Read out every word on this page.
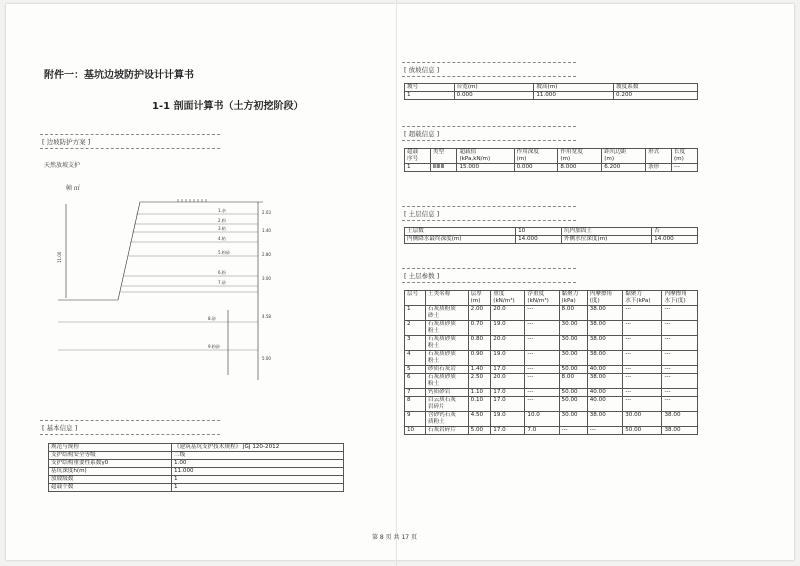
附件一：基坑边坡防护设计计算书
1-1 剖面计算书（土方初挖阶段）
[ 边坡防护方案 ]
天然放坡支护
帧 ㎡
11.00
1.杂
2.粉
3.粘
4.粘
5.粉砂
6.粉
7.砂
8.砂
9.粉砂
2.03
1.40
2.80
3.00
4.58
5.00
[ 基本信息 ]
规范与规程	《建筑基坑支护技术规程》 JGJ 120-2012
支护结构安全等级	二级
支护结构重要性系数γ0	1.00
基坑深度h(m)	11.000
放坡级数	1
超载个数	1
[ 放坡信息 ]
坡号	台宽(m)	坡高(m)	坡度系数
1	0.000	11.000	0.200
[ 超载信息 ]
超载
序号	类型	超载值
(kPa,kN/m)	作用深度
(m)	作用宽度
(m)	距坑边距
(m)	形式	长度
(m)
1	ⅢⅢⅢ	15.000	0.000	8.000	6.200	条形	---
[ 土层信息 ]
土层数	10	坑内加固土	否
内侧降水最终深度(m)	14.000	外侧水位深度(m)	14.000
[ 土层参数 ]
层号	土类名称	层厚
(m)	重度
(kN/m³)	浮重度
(kN/m³)	黏聚力
(kPa)	内摩擦角
(度)	黏聚力
水下(kPa)	内摩擦角
水下(度)
1	石灰质粉质
砂土	2.00	20.0	---	8.00	38.00	---	---
2	石灰质砂质
粉土	0.70	19.0	---	30.00	38.00	---	---
3	石灰质砂质
粉土	0.80	20.0	---	30.00	38.00	---	---
4	石灰质砂质
粉土	0.90	19.0	---	30.00	38.00	---	---
5	砂质石灰岩	1.40	17.0	---	50.00	40.00	---	---
6	石灰质砂质
粉土	2.50	20.0	---	8.00	38.00	---	---
7	钙质砂岩	1.10	17.0	---	50.00	40.00	---	---
8	白云质石灰
岩碎片	0.10	17.0	---	50.00	40.00	---	---
9	含砂钙石灰
质粉土	4.50	19.0	10.0	30.00	38.00	30.00	38.00
10	石灰岩碎片	5.00	17.0	7.0	---	---	50.00	38.00
第 8 页 共 17 页
